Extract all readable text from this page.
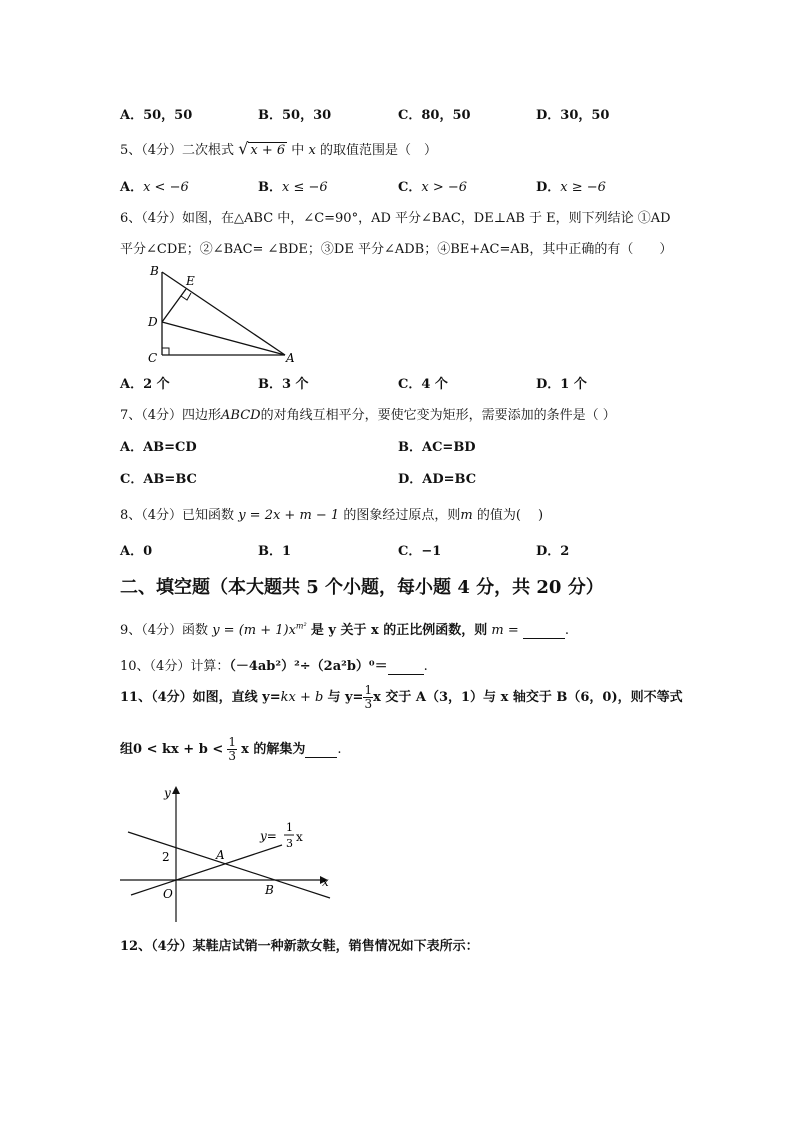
A．50，50	B．50，30	C．80，50	D．30，50
5、（4分）二次根式 √ x + 6 中 x 的取值范围是（　）
A．x < −6	B．x ≤ −6	C．x > −6	D．x ≥ −6
6、（4分）如图，在△ABC 中，∠C=90°，AD 平分∠BAC，DE⊥AB 于 E，则下列结论 ①AD
平分∠CDE；②∠BAC= ∠BDE；③DE 平分∠ADB；④BE+AC=AB，其中正确的有（　　）
B
E
D
C	A
A．2 个	B．3 个	C．4 个	D．1 个
7、（4分）四边形ABCD的对角线互相平分，要使它变为矩形，需要添加的条件是（ ）
A．AB=CD	B．AC=BD
C．AB=BC	D．AD=BC
8、（4分）已知函数 y = 2x + m − 1 的图象经过原点，则m 的值为(　 )
A．0	B．1	C．−1	D．2
二、填空题（本大题共 5 个小题，每小题 4 分，共 20 分）
9、（4分）函数 $y = (m + 1)x^{m^2}$ 是 y 关于 x 的正比例函数，则 m =	.
10、（4分）计算：（－4ab²）²÷（2a²b）⁰＝	.
11、（4分）如图，直线 y=kx + b 与 $y= \frac{1}{3}$ x 交于 A（3，1）与 x 轴交于 B（6，0)，则不等式
组0 < kx + $b < \frac{1}{3}$ x 的解集为 .
y
x
O
2	A
B
y=
1
3 x
12、（4分）某鞋店试销一种新款女鞋，销售情况如下表所示：
